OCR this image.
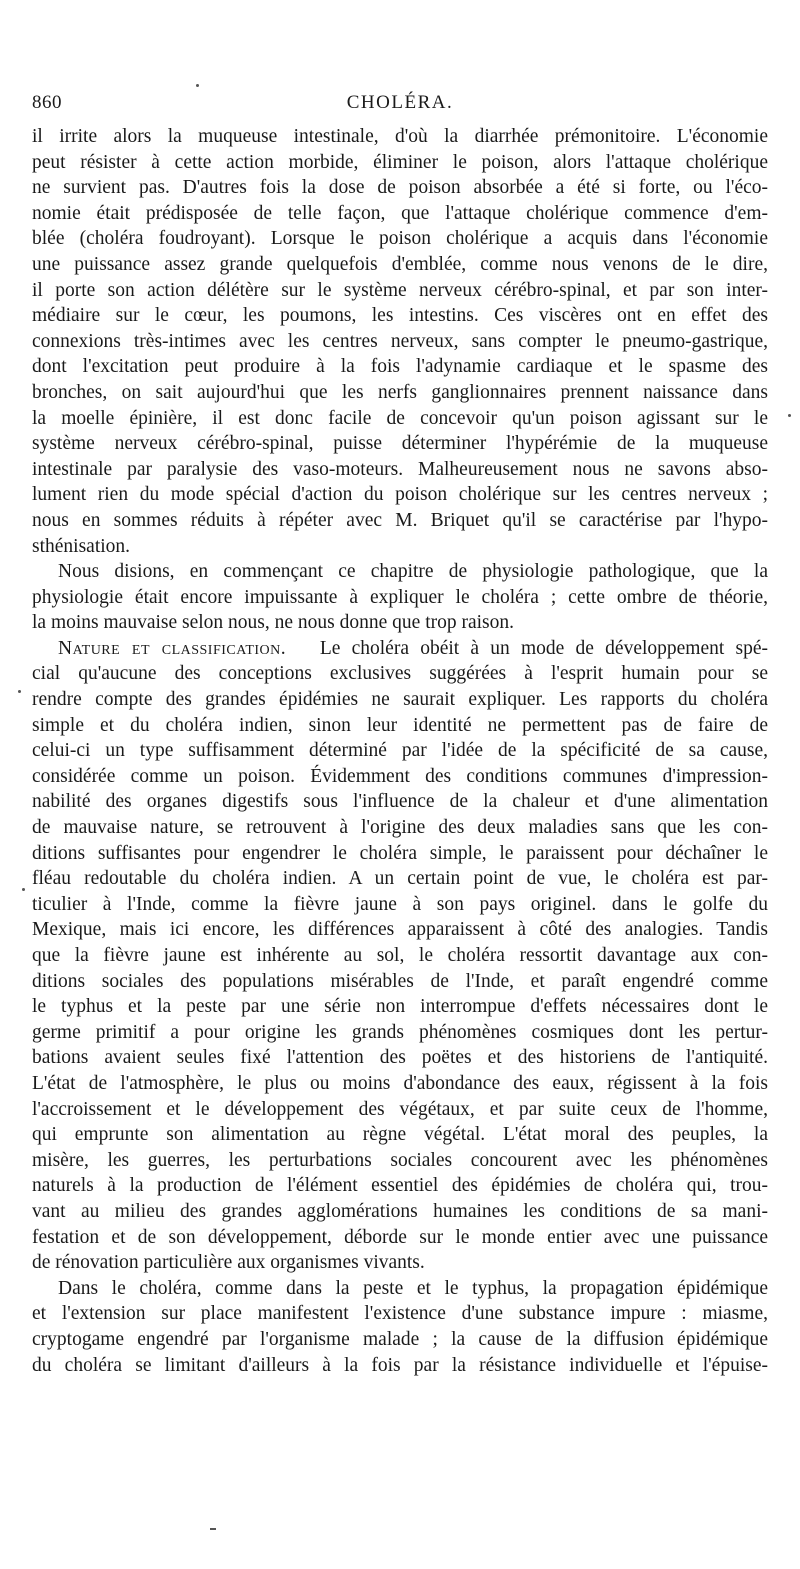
860	CHOLÉRA.
il irrite alors la muqueuse intestinale, d'où la diarrhée prémonitoire. L'économie
peut résister à cette action morbide, éliminer le poison, alors l'attaque cholérique
ne survient pas. D'autres fois la dose de poison absorbée a été si forte, ou l'éco-
nomie était prédisposée de telle façon, que l'attaque cholérique commence d'em-
blée (choléra foudroyant). Lorsque le poison cholérique a acquis dans l'économie
une puissance assez grande quelquefois d'emblée, comme nous venons de le dire,
il porte son action délétère sur le système nerveux cérébro-spinal, et par son inter-
médiaire sur le cœur, les poumons, les intestins. Ces viscères ont en effet des
connexions très-intimes avec les centres nerveux, sans compter le pneumo-gastrique,
dont l'excitation peut produire à la fois l'adynamie cardiaque et le spasme des
bronches, on sait aujourd'hui que les nerfs ganglionnaires prennent naissance dans
la moelle épinière, il est donc facile de concevoir qu'un poison agissant sur le
système nerveux cérébro-spinal, puisse déterminer l'hypérémie de la muqueuse
intestinale par paralysie des vaso-moteurs. Malheureusement nous ne savons abso-
lument rien du mode spécial d'action du poison cholérique sur les centres nerveux ;
nous en sommes réduits à répéter avec M. Briquet qu'il se caractérise par l'hypo-
sthénisation.
Nous disions, en commençant ce chapitre de physiologie pathologique, que la
physiologie était encore impuissante à expliquer le choléra ; cette ombre de théorie,
la moins mauvaise selon nous, ne nous donne que trop raison.
Nature et classification. Le choléra obéit à un mode de développement spé-
cial qu'aucune des conceptions exclusives suggérées à l'esprit humain pour se
rendre compte des grandes épidémies ne saurait expliquer. Les rapports du choléra
simple et du choléra indien, sinon leur identité ne permettent pas de faire de
celui-ci un type suffisamment déterminé par l'idée de la spécificité de sa cause,
considérée comme un poison. Évidemment des conditions communes d'impression-
nabilité des organes digestifs sous l'influence de la chaleur et d'une alimentation
de mauvaise nature, se retrouvent à l'origine des deux maladies sans que les con-
ditions suffisantes pour engendrer le choléra simple, le paraissent pour déchaîner le
fléau redoutable du choléra indien. A un certain point de vue, le choléra est par-
ticulier à l'Inde, comme la fièvre jaune à son pays originel. dans le golfe du
Mexique, mais ici encore, les différences apparaissent à côté des analogies. Tandis
que la fièvre jaune est inhérente au sol, le choléra ressortit davantage aux con-
ditions sociales des populations misérables de l'Inde, et paraît engendré comme
le typhus et la peste par une série non interrompue d'effets nécessaires dont le
germe primitif a pour origine les grands phénomènes cosmiques dont les pertur-
bations avaient seules fixé l'attention des poëtes et des historiens de l'antiquité.
L'état de l'atmosphère, le plus ou moins d'abondance des eaux, régissent à la fois
l'accroissement et le développement des végétaux, et par suite ceux de l'homme,
qui emprunte son alimentation au règne végétal. L'état moral des peuples, la
misère, les guerres, les perturbations sociales concourent avec les phénomènes
naturels à la production de l'élément essentiel des épidémies de choléra qui, trou-
vant au milieu des grandes agglomérations humaines les conditions de sa mani-
festation et de son développement, déborde sur le monde entier avec une puissance
de rénovation particulière aux organismes vivants.
Dans le choléra, comme dans la peste et le typhus, la propagation épidémique
et l'extension sur place manifestent l'existence d'une substance impure : miasme,
cryptogame engendré par l'organisme malade ; la cause de la diffusion épidémique
du choléra se limitant d'ailleurs à la fois par la résistance individuelle et l'épuise-
